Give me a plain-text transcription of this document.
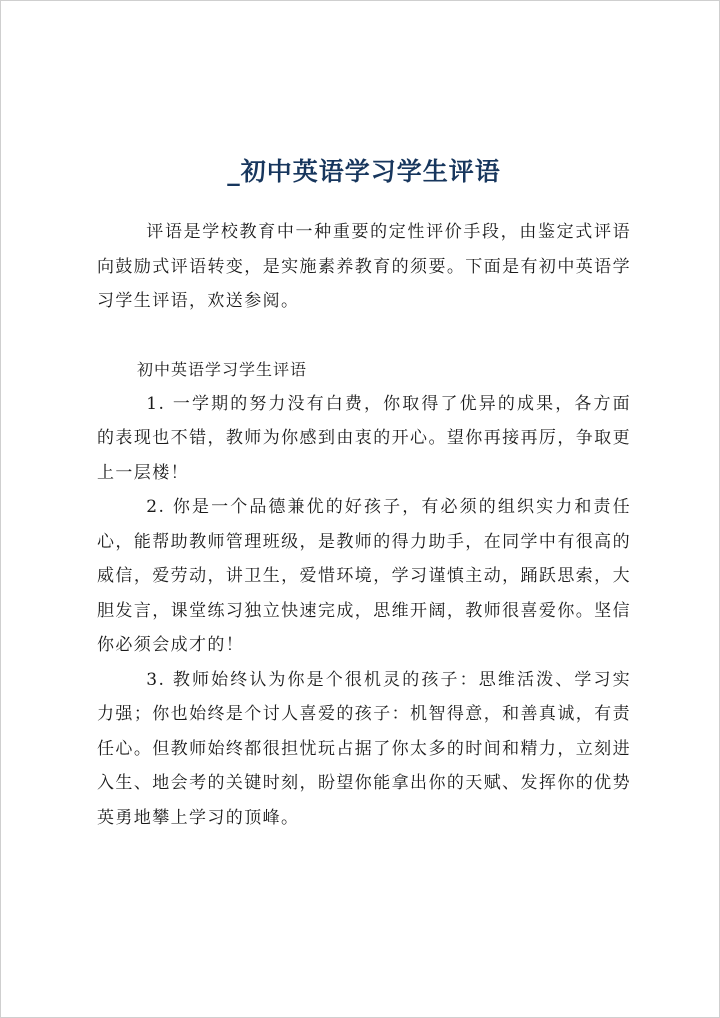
_初中英语学习学生评语

评语是学校教育中一种重要的定性评价手段，由鉴定式评语向鼓励式评语转变，是实施素养教育的须要。下面是有初中英语学习学生评语，欢送参阅。

初中英语学习学生评语

1. 一学期的努力没有白费，你取得了优异的成果，各方面的表现也不错，教师为你感到由衷的开心。望你再接再厉，争取更上一层楼！

2. 你是一个品德兼优的好孩子，有必须的组织实力和责任心，能帮助教师管理班级，是教师的得力助手，在同学中有很高的威信，爱劳动，讲卫生，爱惜环境，学习谨慎主动，踊跃思索，大胆发言，课堂练习独立快速完成，思维开阔，教师很喜爱你。坚信你必须会成才的！

3. 教师始终认为你是个很机灵的孩子：思维活泼、学习实力强；你也始终是个讨人喜爱的孩子：机智得意，和善真诚，有责任心。但教师始终都很担忧玩占据了你太多的时间和精力，立刻进入生、地会考的关键时刻，盼望你能拿出你的天赋、发挥你的优势英勇地攀上学习的顶峰。
